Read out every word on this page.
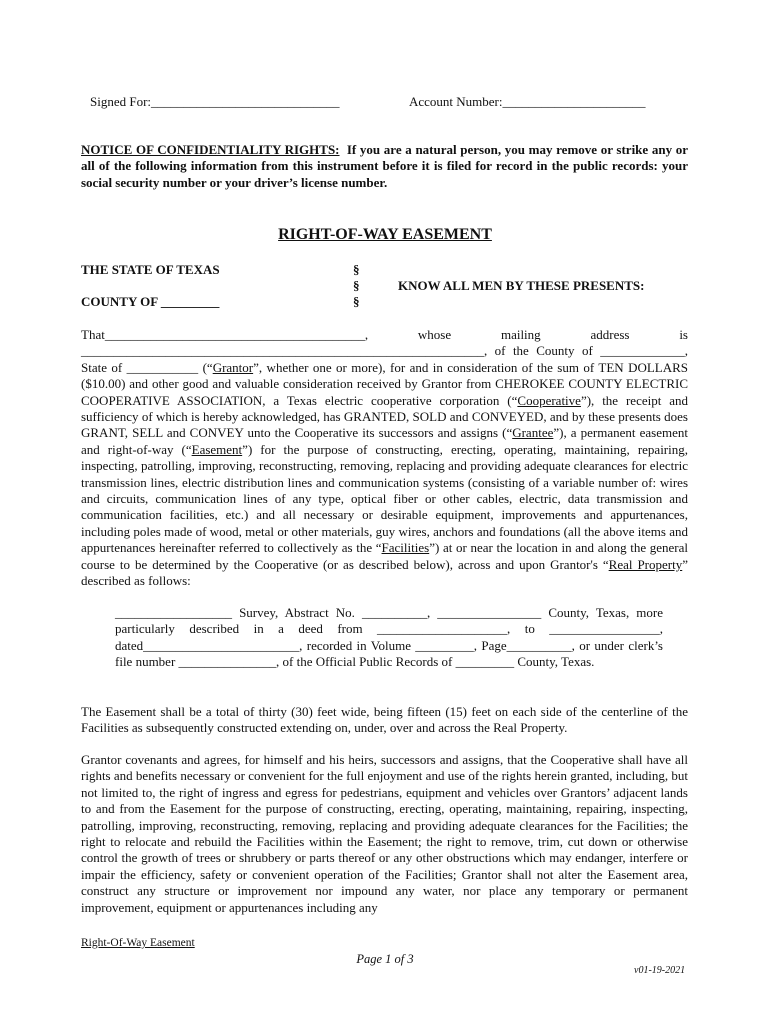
Signed For:_____________________________	Account Number:______________________

NOTICE OF CONFIDENTIALITY RIGHTS: If you are a natural person, you may remove or strike any or all of the following information from this instrument before it is filed for record in the public records: your social security number or your driver’s license number.

RIGHT-OF-WAY EASEMENT
THE STATE OF TEXAS
COUNTY OF _________
§
§
§
KNOW ALL MEN BY THESE PRESENTS:

That________________________________________, whose mailing address is ______________________________________________________________, of the County of _____________, State of ___________ (“Grantor”, whether one or more), for and in consideration of the sum of TEN DOLLARS ($10.00) and other good and valuable consideration received by Grantor from CHEROKEE COUNTY ELECTRIC COOPERATIVE ASSOCIATION, a Texas electric cooperative corporation (“Cooperative”), the receipt and sufficiency of which is hereby acknowledged, has GRANTED, SOLD and CONVEYED, and by these presents does GRANT, SELL and CONVEY unto the Cooperative its successors and assigns (“Grantee”), a permanent easement and right-of-way (“Easement”) for the purpose of constructing, erecting, operating, maintaining, repairing, inspecting, patrolling, improving, reconstructing, removing, replacing and providing adequate clearances for electric transmission lines, electric distribution lines and communication systems (consisting of a variable number of: wires and circuits, communication lines of any type, optical fiber or other cables, electric, data transmission and communication facilities, etc.) and all necessary or desirable equipment, improvements and appurtenances, including poles made of wood, metal or other materials, guy wires, anchors and foundations (all the above items and appurtenances hereinafter referred to collectively as the “Facilities”) at or near the location in and along the general course to be determined by the Cooperative (or as described below), across and upon Grantor's “Real Property” described as follows:

__________________ Survey, Abstract No. __________, ________________ County, Texas, more particularly described in a deed from ____________________, to _________________, dated________________________, recorded in Volume _________, Page__________, or under clerk’s file number _______________, of the Official Public Records of _________ County, Texas.

The Easement shall be a total of thirty (30) feet wide, being fifteen (15) feet on each side of the centerline of the Facilities as subsequently constructed extending on, under, over and across the Real Property.

Grantor covenants and agrees, for himself and his heirs, successors and assigns, that the Cooperative shall have all rights and benefits necessary or convenient for the full enjoyment and use of the rights herein granted, including, but not limited to, the right of ingress and egress for pedestrians, equipment and vehicles over Grantors’ adjacent lands to and from the Easement for the purpose of constructing, erecting, operating, maintaining, repairing, inspecting, patrolling, improving, reconstructing, removing, replacing and providing adequate clearances for the Facilities; the right to relocate and rebuild the Facilities within the Easement; the right to remove, trim, cut down or otherwise control the growth of trees or shrubbery or parts thereof or any other obstructions which may endanger, interfere or impair the efficiency, safety or convenient operation of the Facilities; Grantor shall not alter the Easement area, construct any structure or improvement nor impound any water, nor place any temporary or permanent improvement, equipment or appurtenances including any

Right-Of-Way Easement
Page 1 of 3
v01-19-2021
